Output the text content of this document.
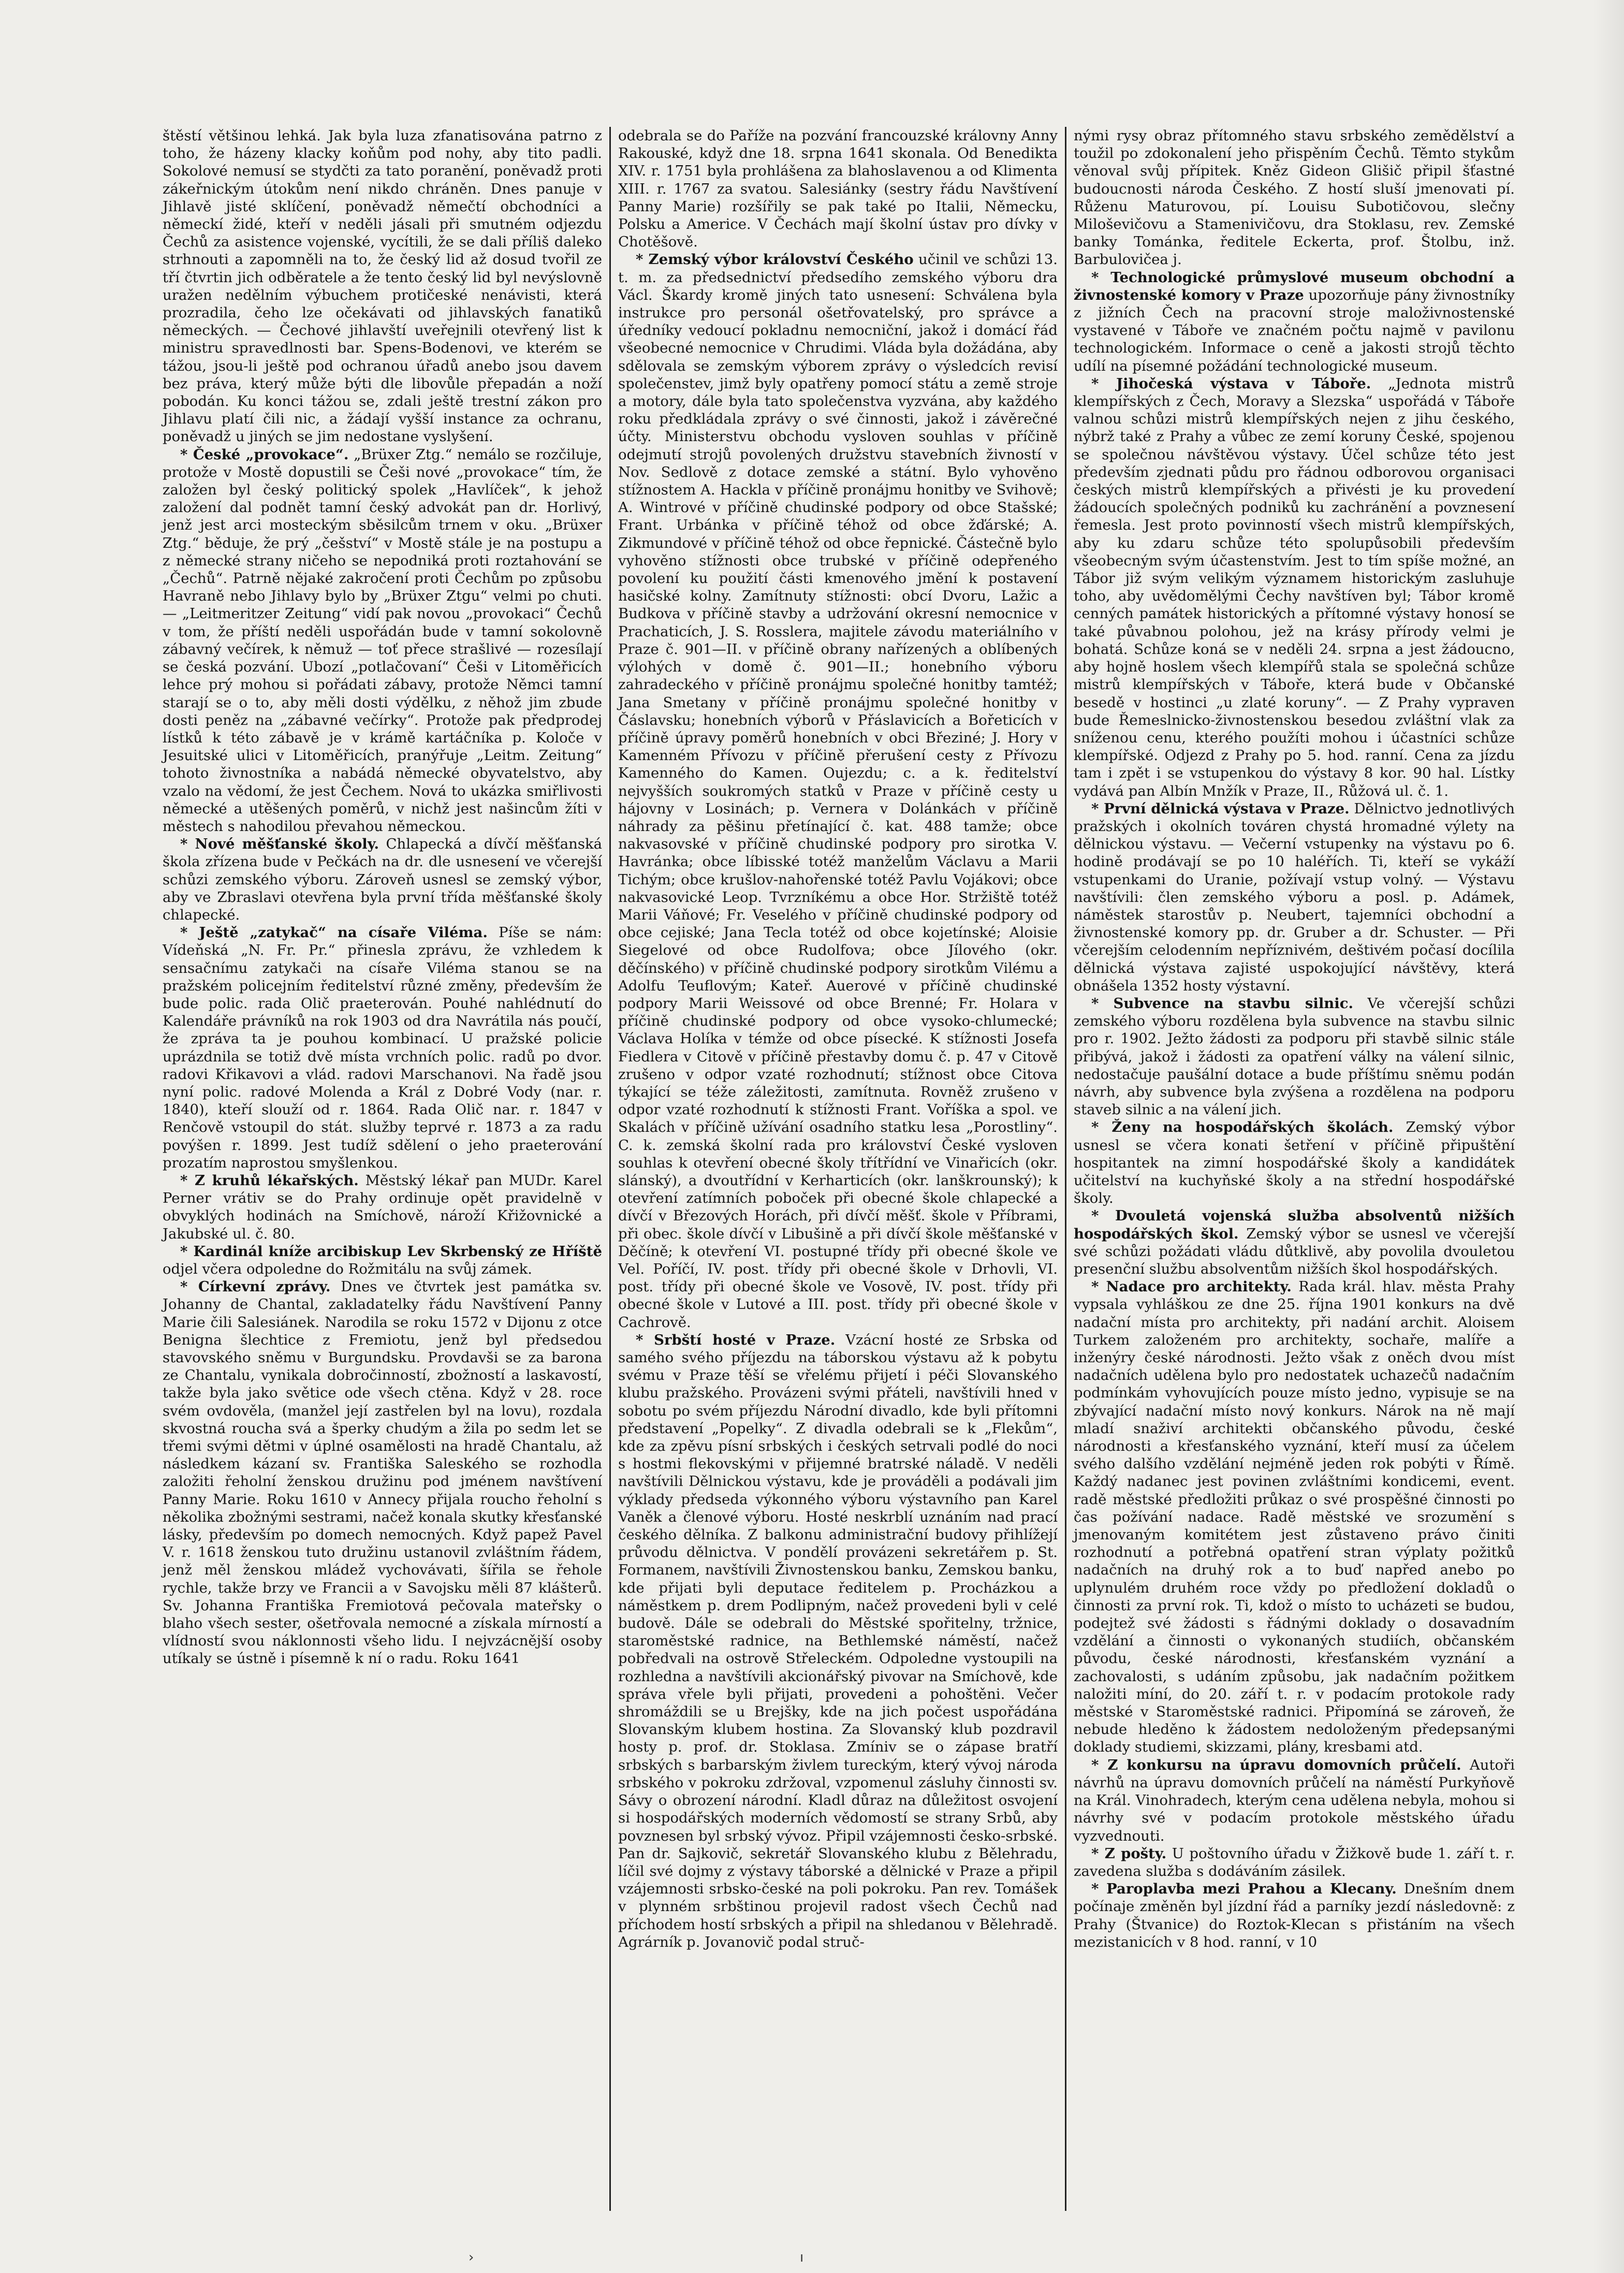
štěstí většinou lehká. Jak byla luza zfanatisována patrno z toho, že házeny klacky koňům pod nohy, aby tito padli. Sokolové nemusí se stydčti za tato poranění, poněvadž proti zákeřnickým útokům není nikdo chráněn. Dnes panuje v Jihlavě jisté sklíčení, poněvadž němečtí obchodníci a německí židé, kteří v neděli jásali při smutném odjezdu Čechů za asistence vojenské, vycítili, že se dali příliš daleko strhnouti a zapomněli na to, že český lid až dosud tvořil ze tří čtvrtin jich odběratele a že tento český lid byl nevýslovně uražen nedělním výbuchem protičeské nenávisti, která prozradila, čeho lze očekávati od jihlavských fanatiků německých. — Čechové jihlavští uveřejnili otevřený list k ministru spravedlnosti bar. Spens-Bodenovi, ve kterém se tážou, jsou-li ještě pod ochranou úřadů anebo jsou davem bez práva, který může býti dle libovůle přepadán a noží pobodán. Ku konci tážou se, zdali ještě trestní zákon pro Jihlavu platí čili nic, a žádají vyšší instance za ochranu, poněvadž u jiných se jim nedostane vyslyšení.

* České „provokace“. „Brüxer Ztg.“ nemálo se rozčiluje, protože v Mostě dopustili se Češi nové „provokace“ tím, že založen byl český politický spolek „Havlíček“, k jehož založení dal podnět tamní český advokát pan dr. Horlivý, jenž jest arci mosteckým sběsilcům trnem v oku. „Brüxer Ztg.“ běduje, že prý „češství“ v Mostě stále je na postupu a z německé strany ničeho se nepodniká proti roztahování se „Čechů“. Patrně nějaké zakročení proti Čechům po způsobu Havraně nebo Jihlavy bylo by „Brüxer Ztgu“ velmi po chuti. — „Leitmeritzer Zeitung“ vidí pak novou „provokaci“ Čechů v tom, že příští neděli uspořádán bude v tamní sokolovně zábavný večírek, k němuž — toť přece strašlivé — rozesílají se česká pozvání. Ubozí „potlačovaní“ Češi v Litoměřicích lehce prý mohou si pořádati zábavy, protože Němci tamní starají se o to, aby měli dosti výdělku, z něhož jim zbude dosti peněz na „zábavné večírky“. Protože pak předprodej lístků k této zábavě je v krámě kartáčníka p. Koloče v Jesuitské ulici v Litoměřicích, pranýřuje „Leitm. Zeitung“ tohoto živnostníka a nabádá německé obyvatelstvo, aby vzalo na vědomí, že jest Čechem. Nová to ukázka smiřlivosti německé a utěšených poměrů, v nichž jest našincům žíti v městech s nahodilou převahou německou.

* Nové měšťanské školy. Chlapecká a dívčí měšťanská škola zřízena bude v Pečkách na dr. dle usnesení ve včerejší schůzi zemského výboru. Zároveň usnesl se zemský výbor, aby ve Zbraslavi otevřena byla první třída měšťanské školy chlapecké.

* Ještě „zatykač“ na císaře Viléma. Píše se nám: Vídeňská „N. Fr. Pr.“ přinesla zprávu, že vzhledem k sensačnímu zatykači na císaře Viléma stanou se na pražském policejním ředitelství různé změny, především že bude polic. rada Olič praeterován. Pouhé nahlédnutí do Kalendáře právníků na rok 1903 od dra Navrátila nás poučí, že zpráva ta je pouhou kombinací. U pražské policie uprázdnila se totiž dvě místa vrchních polic. radů po dvor. radovi Křikavovi a vlád. radovi Marschanovi. Na řadě jsou nyní polic. radové Molenda a Král z Dobré Vody (nar. r. 1840), kteří slouží od r. 1864. Rada Olič nar. r. 1847 v Renčově vstoupil do stát. služby teprvé r. 1873 a za radu povýšen r. 1899. Jest tudíž sdělení o jeho praeterování prozatím naprostou smyšlenkou.

* Z kruhů lékařských. Městský lékař pan MUDr. Karel Perner vrátiv se do Prahy ordinuje opět pravidelně v obvyklých hodinách na Smíchově, nároží Křižovnické a Jakubské ul. č. 80.

* Kardinál kníže arcibiskup Lev Skrbenský ze Hříště odjel včera odpoledne do Rožmitálu na svůj zámek.

* Církevní zprávy. Dnes ve čtvrtek jest památka sv. Johanny de Chantal, zakladatelky řádu Navštívení Panny Marie čili Salesiánek. Narodila se roku 1572 v Dijonu z otce Benigna šlechtice z Fremiotu, jenž byl předsedou stavovského sněmu v Burgundsku. Provdavši se za barona ze Chantalu, vynikala dobročinností, zbožností a laskavostí, takže byla jako světice ode všech ctěna. Když v 28. roce svém ovdověla, (manžel její zastřelen byl na lovu), rozdala skvostná roucha svá a šperky chudým a žila po sedm let se třemi svými dětmi v úplné osamělosti na hradě Chantalu, až následkem kázaní sv. Františka Saleského se rozhodla založiti řeholní ženskou družinu pod jménem navštívení Panny Marie. Roku 1610 v Annecy přijala roucho řeholní s několika zbožnými sestrami, načež konala skutky křesťanské lásky, především po domech nemocných. Když papež Pavel V. r. 1618 ženskou tuto družinu ustanovil zvláštním řádem, jenž měl ženskou mládež vychovávati, šířila se řehole rychle, takže brzy ve Francii a v Savojsku měli 87 klášterů. Sv. Johanna Františka Fremiotová pečovala mateřsky o blaho všech sester, ošetřovala nemocné a získala mírností a vlídností svou náklonnosti všeho lidu. I nejvzácnější osoby utíkaly se ústně i písemně k ní o radu. Roku 1641

odebrala se do Paříže na pozvání francouzské královny Anny Rakouské, když dne 18. srpna 1641 skonala. Od Benedikta XIV. r. 1751 byla prohlášena za blahoslavenou a od Klimenta XIII. r. 1767 za svatou. Salesiánky (sestry řádu Navštívení Panny Marie) rozšířily se pak také po Italii, Německu, Polsku a Americe. V Čechách mají školní ústav pro dívky v Chotěšově.

* Zemský výbor království Českého učinil ve schůzi 13. t. m. za předsednictví předsedího zemského výboru dra Václ. Škardy kromě jiných tato usnesení: Schválena byla instrukce pro personál ošetřovatelský, pro správce a úředníky vedoucí pokladnu nemocniční, jakož i domácí řád všeobecné nemocnice v Chrudimi. Vláda byla dožádána, aby sdělovala se zemským výborem zprávy o výsledcích revisí společenstev, jimž byly opatřeny pomocí státu a země stroje a motory, dále byla tato společenstva vyzvána, aby každého roku předkládala zprávy o své činnosti, jakož i závěrečné účty. Ministerstvu obchodu vysloven souhlas v příčině odejmutí strojů povolených družstvu stavebních živností v Nov. Sedlově z dotace zemské a státní. Bylo vyhověno stížnostem A. Hackla v příčině pronájmu honitby ve Svihově; A. Wintrové v příčině chudinské podpory od obce Stašské; Frant. Urbánka v příčině téhož od obce žďárské; A. Zikmundové v příčině téhož od obce řepnické. Částečně bylo vyhověno stížnosti obce trubské v příčině odepřeného povolení ku použití části kmenového jmění k postavení hasičské kolny. Zamítnuty stížnosti: obcí Dvoru, Lažic a Budkova v příčině stavby a udržování okresní nemocnice v Prachaticích, J. S. Rosslera, majitele závodu materiálního v Praze č. 901—II. v příčině obrany nařízených a oblíbených výlohých v domě č. 901—II.; honebního výboru zahradeckého v příčině pronájmu společné honitby tamtéž; Jana Smetany v příčině pronájmu společné honitby v Čáslavsku; honebních výborů v Přáslavicích a Bořeticích v příčině úpravy poměrů honebních v obci Březiné; J. Hory v Kamenném Přívozu v příčině přerušení cesty z Přívozu Kamenného do Kamen. Oujezdu; c. a k. ředitelství nejvyšších soukromých statků v Praze v příčině cesty u hájovny v Losinách; p. Vernera v Dolánkách v příčině náhrady za pěšinu přetínající č. kat. 488 tamže; obce nakvasovské v příčině chudinské podpory pro sirotka V. Havránka; obce líbisské totéž manželům Václavu a Marii Tichým; obce krušlov-nahořenské totéž Pavlu Vojákovi; obce nakvasovické Leop. Tvrzníkému a obce Hor. Stržiště totéž Marii Váňové; Fr. Veselého v příčině chudinské podpory od obce cejiské; Jana Tecla totéž od obce kojetínské; Aloisie Siegelové od obce Rudolfova; obce Jílového (okr. děčínského) v příčině chudinské podpory sirotkům Vilému a Adolfu Teuflovým; Kateř. Auerové v příčině chudinské podpory Marii Weissové od obce Brenné; Fr. Holara v příčině chudinské podpory od obce vysoko-chlumecké; Václava Holíka v témže od obce písecké. K stížnosti Josefa Fiedlera v Citově v příčině přestavby domu č. p. 47 v Citově zrušeno v odpor vzaté rozhodnutí; stížnost obce Citova týkající se téže záležitosti, zamítnuta. Rovněž zrušeno v odpor vzaté rozhodnutí k stížnosti Frant. Voříška a spol. ve Skalách v příčině užívání osadního statku lesa „Porostliny“. C. k. zemská školní rada pro království České vysloven souhlas k otevření obecné školy třítřídní ve Vinařicích (okr. slánský), a dvoutřídní v Kerharticích (okr. lanškrounský); k otevření zatímních poboček při obecné škole chlapecké a dívčí v Březových Horách, při dívčí měšť. škole v Příbrami, při obec. škole dívčí v Libušině a při dívčí škole měšťanské v Děčíně; k otevření VI. postupné třídy při obecné škole ve Vel. Poříčí, IV. post. třídy při obecné škole v Drhovli, VI. post. třídy při obecné škole ve Vosově, IV. post. třídy při obecné škole v Lutové a III. post. třídy při obecné škole v Cachrově.

* Srbští hosté v Praze. Vzácní hosté ze Srbska od samého svého příjezdu na táborskou výstavu až k pobytu svému v Praze těší se vřelému přijetí i péči Slovanského klubu pražského. Provázeni svými přáteli, navštívili hned v sobotu po svém příjezdu Národní divadlo, kde byli přítomni představení „Popelky“. Z divadla odebrali se k „Flekům“, kde za zpěvu písní srbských i českých setrvali podlé do noci s hostmi flekovskými v přijemné bratrské náladě. V neděli navštívili Dělnickou výstavu, kde je prováděli a podávali jim výklady předseda výkonného výboru výstavního pan Karel Vaněk a členové výboru. Hosté neskrblí uznáním nad prací českého dělníka. Z balkonu administrační budovy přihlížejí průvodu dělnictva. V pondělí provázeni sekretářem p. St. Formanem, navštívili Živnostenskou banku, Zemskou banku, kde přijati byli deputace ředitelem p. Procházkou a náměstkem p. drem Podlipným, načež provedeni byli v celé budově. Dále se odebrali do Městské spořitelny, tržnice, staroměstské radnice, na Bethlemské náměstí, načež pobředvali na ostrově Střeleckém. Odpoledne vystoupili na rozhledna a navštívili akcionářský pivovar na Smíchově, kde správa vřele byli přijati, provedeni a pohoštěni. Večer shromáždili se u Brejšky, kde na jich počest uspořádána Slovanským klubem hostina. Za Slovanský klub pozdravil hosty p. prof. dr. Stoklasa. Zmíniv se o zápase bratří srbských s barbarským živlem tureckým, který vývoj národa srbského v pokroku zdržoval, vzpomenul zásluhy činnosti sv. Sávy o obrození národní. Kladl důraz na důležitost osvojení si hospodářských moderních vědomostí se strany Srbů, aby povznesen byl srbský vývoz. Připil vzájemnosti česko-srbské. Pan dr. Sajkovič, sekretář Slovanského klubu z Bělehradu, líčil své dojmy z výstavy táborské a dělnické v Praze a připil vzájemnosti srbsko-české na poli pokroku. Pan rev. Tomášek v plynném srbštinou projevil radost všech Čechů nad příchodem hostí srbských a připil na shledanou v Bělehradě. Agrárník p. Jovanovič podal struč-

nými rysy obraz přítomného stavu srbského zemědělství a toužil po zdokonalení jeho přispěním Čechů. Těmto stykům věnoval svůj přípitek. Kněz Gideon Glišič připil šťastné budoucnosti národa Českého. Z hostí sluší jmenovati pí. Růženu Maturovou, pí. Louisu Subotičovou, slečny Miloševičovu a Stamenivičovu, dra Stoklasu, rev. Zemské banky Tománka, ředitele Eckerta, prof. Štolbu, inž. Barbulovičea j.

* Technologické průmyslové museum obchodní a živnostenské komory v Praze upozorňuje pány živnostníky z jižních Čech na pracovní stroje maloživnostenské vystavené v Táboře ve značném počtu najmě v pavilonu technologickém. Informace o ceně a jakosti strojů těchto udílí na písemné požádání technologické museum.

* Jihočeská výstava v Táboře. „Jednota mistrů klempířských z Čech, Moravy a Slezska“ uspořádá v Táboře valnou schůzi mistrů klempířských nejen z jihu českého, nýbrž také z Prahy a vůbec ze zemí koruny České, spojenou se společnou návštěvou výstavy. Účel schůze této jest především zjednati půdu pro řádnou odborovou organisaci českých mistrů klempířských a přivésti je ku provedení žádoucích společných podniků ku zachránění a povznesení řemesla. Jest proto povinností všech mistrů klempířských, aby ku zdaru schůze této spolupůsobili především všeobecným svým účastenstvím. Jest to tím spíše možné, an Tábor již svým velikým významem historickým zasluhuje toho, aby uvědomělými Čechy navštíven byl; Tábor kromě cenných památek historických a přítomné výstavy honosí se také půvabnou polohou, jež na krásy přírody velmi je bohatá. Schůze koná se v neděli 24. srpna a jest žádoucno, aby hojně hoslem všech klempířů stala se společná schůze mistrů klempířských v Táboře, která bude v Občanské besedě v hostinci „u zlaté koruny“. — Z Prahy vypraven bude Řemeslnicko-živnostenskou besedou zvláštní vlak za sníženou cenu, kterého použíti mohou i účastníci schůze klempířské. Odjezd z Prahy po 5. hod. ranní. Cena za jízdu tam i zpět i se vstupenkou do výstavy 8 kor. 90 hal. Lístky vydává pan Albín Mnžík v Praze, II., Růžová ul. č. 1.

* První dělnická výstava v Praze. Dělnictvo jednotlivých pražských i okolních továren chystá hromadné výlety na dělnickou výstavu. — Večerní vstupenky na výstavu po 6. hodině prodávají se po 10 haléřích. Ti, kteří se vykáží vstupenkami do Uranie, požívají vstup volný. — Výstavu navštívili: člen zemského výboru a posl. p. Adámek, náměstek starostův p. Neubert, tajemníci obchodní a živnostenské komory pp. dr. Gruber a dr. Schuster. — Při včerejším celodenním nepříznivém, deštivém počasí docílila dělnická výstava zajisté uspokojující návštěvy, která obnášela 1352 hosty výstavní.

* Subvence na stavbu silnic. Ve včerejší schůzi zemského výboru rozdělena byla subvence na stavbu silnic pro r. 1902. Ježto žádosti za podporu při stavbě silnic stále přibývá, jakož i žádosti za opatření války na válení silnic, nedostačuje paušální dotace a bude příštímu sněmu podán návrh, aby subvence byla zvýšena a rozdělena na podporu staveb silnic a na válení jich.

* Ženy na hospodářských školách. Zemský výbor usnesl se včera konati šetření v příčině připuštění hospitantek na zimní hospodářské školy a kandidátek učitelství na kuchyňské školy a na střední hospodářské školy.

* Dvouletá vojenská služba absolventů nižších hospodářských škol. Zemský výbor se usnesl ve včerejší své schůzi požádati vládu důtklivě, aby povolila dvouletou presenční službu absolventům nižších škol hospodářských.

* Nadace pro architekty. Rada král. hlav. města Prahy vypsala vyhláškou ze dne 25. října 1901 konkurs na dvě nadační místa pro architekty, při nadání archit. Aloisem Turkem založeném pro architekty, sochaře, malíře a inženýry české národnosti. Ježto však z oněch dvou míst nadačních udělena bylo pro nedostatek uchazečů nadačním podmínkám vyhovujících pouze místo jedno, vypisuje se na zbývající nadační místo nový konkurs. Nárok na ně mají mladí snaživí architekti občanského původu, české národnosti a křesťanského vyznání, kteří musí za účelem svého dalšího vzdělání nejméně jeden rok pobýti v Římě. Každý nadanec jest povinen zvláštními kondicemi, event. radě městské předložiti průkaz o své prospěšné činnosti po čas požívání nadace. Radě městské ve srozumění s jmenovaným komitétem jest zůstaveno právo činiti rozhodnutí a potřebná opatření stran výplaty požitků nadačních na druhý rok a to buď napřed anebo po uplynulém druhém roce vždy po předložení dokladů o činnosti za první rok. Ti, kdož o místo to ucházeti se budou, podejtež své žádosti s řádnými doklady o dosavadním vzdělání a činnosti o vykonaných studiích, občanském původu, české národnosti, křesťanském vyznání a zachovalosti, s udáním způsobu, jak nadačním požitkem naložiti míní, do 20. září t. r. v podacím protokole rady městské v Staroměstské radnici. Připomíná se zároveň, že nebude hleděno k žádostem nedoloženým předepsanými doklady studiemi, skizzami, plány, kresbami atd.

* Z konkursu na úpravu domovních průčelí. Autoři návrhů na úpravu domovních průčelí na náměstí Purkyňově na Král. Vinohradech, kterým cena udělena nebyla, mohou si návrhy své v podacím protokole městského úřadu vyzvednouti.

* Z pošty. U poštovního úřadu v Žižkově bude 1. září t. r. zavedena služba s dodáváním zásilek.

* Paroplavba mezi Prahou a Klecany. Dnešním dnem počínaje změněn byl jízdní řád a parníky jezdí následovně: z Prahy (Štvanice) do Roztok-Klecan s přistáním na všech mezistanicích v 8 hod. ranní, v 10

›	ı
